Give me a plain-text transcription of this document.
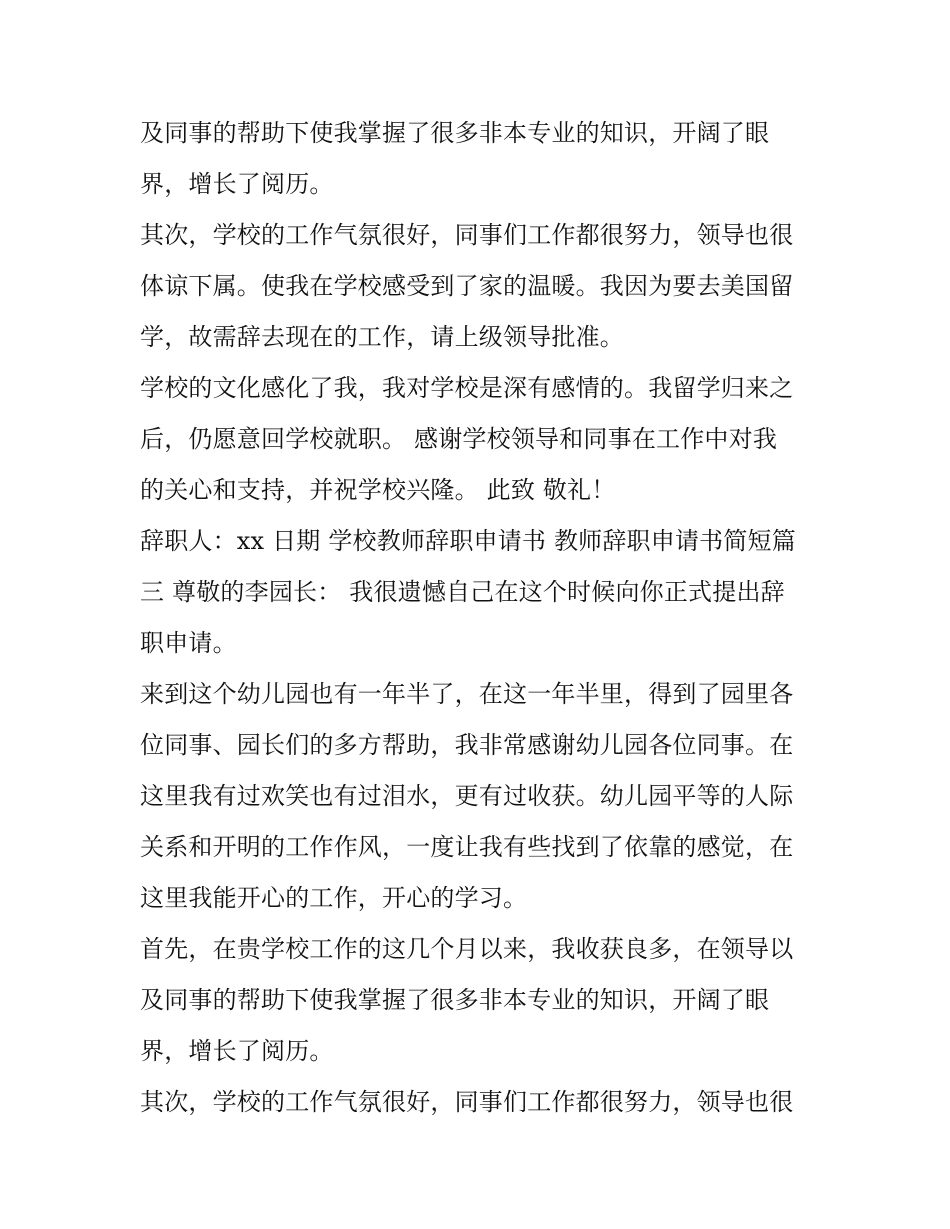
及同事的帮助下使我掌握了很多非本专业的知识，开阔了眼
界，增长了阅历。
其次，学校的工作气氛很好，同事们工作都很努力，领导也很
体谅下属。使我在学校感受到了家的温暖。我因为要去美国留
学，故需辞去现在的工作，请上级领导批准。
学校的文化感化了我，我对学校是深有感情的。我留学归来之
后，仍愿意回学校就职。 感谢学校领导和同事在工作中对我
的关心和支持，并祝学校兴隆。 此致 敬礼！
辞职人：xx 日期 学校教师辞职申请书 教师辞职申请书简短篇
三 尊敬的李园长： 我很遗憾自己在这个时候向你正式提出辞
职申请。
来到这个幼儿园也有一年半了，在这一年半里，得到了园里各
位同事、园长们的多方帮助，我非常感谢幼儿园各位同事。在
这里我有过欢笑也有过泪水，更有过收获。幼儿园平等的人际
关系和开明的工作作风，一度让我有些找到了依靠的感觉，在
这里我能开心的工作，开心的学习。
首先，在贵学校工作的这几个月以来，我收获良多，在领导以
及同事的帮助下使我掌握了很多非本专业的知识，开阔了眼
界，增长了阅历。
其次，学校的工作气氛很好，同事们工作都很努力，领导也很
